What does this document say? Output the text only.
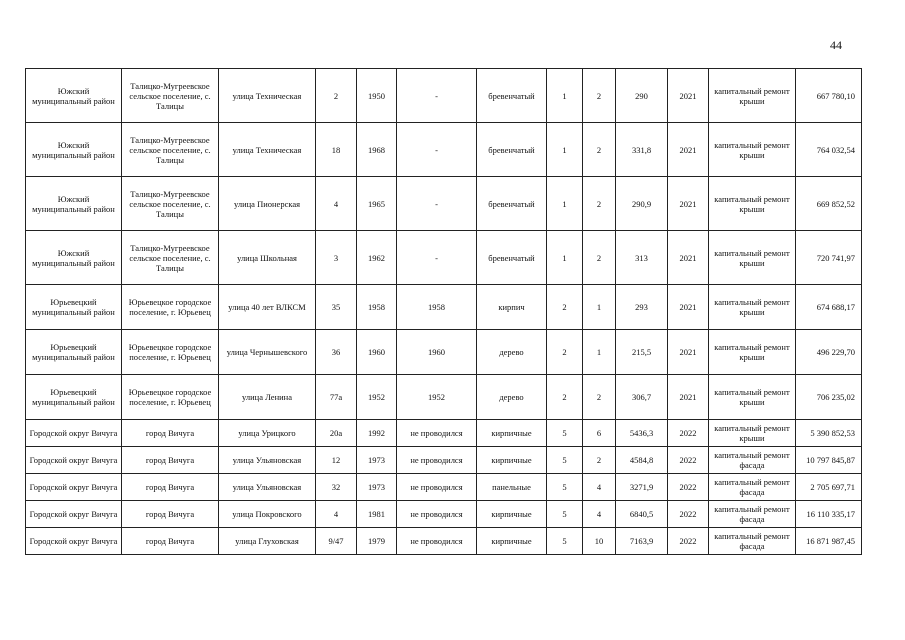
44
Южский муниципальный район	Талицко-Мугреевское сельское поселение, с. Талицы	улица Техническая	2	1950	-	бревенчатый	1	2	290	2021	капитальный ремонт крыши	667 780,10
Южский муниципальный район	Талицко-Мугреевское сельское поселение, с. Талицы	улица Техническая	18	1968	-	бревенчатый	1	2	331,8	2021	капитальный ремонт крыши	764 032,54
Южский муниципальный район	Талицко-Мугреевское сельское поселение, с. Талицы	улица Пионерская	4	1965	-	бревенчатый	1	2	290,9	2021	капитальный ремонт крыши	669 852,52
Южский муниципальный район	Талицко-Мугреевское сельское поселение, с. Талицы	улица Школьная	3	1962	-	бревенчатый	1	2	313	2021	капитальный ремонт крыши	720 741,97
Юрьевецкий муниципальный район	Юрьевецкое городское поселение, г. Юрьевец	улица 40 лет ВЛКСМ	35	1958	1958	кирпич	2	1	293	2021	капитальный ремонт крыши	674 688,17
Юрьевецкий муниципальный район	Юрьевецкое городское поселение, г. Юрьевец	улица Чернышевского	36	1960	1960	дерево	2	1	215,5	2021	капитальный ремонт крыши	496 229,70
Юрьевецкий муниципальный район	Юрьевецкое городское поселение, г. Юрьевец	улица Ленина	77а	1952	1952	дерево	2	2	306,7	2021	капитальный ремонт крыши	706 235,02
Городской округ Вичуга	город Вичуга	улица Урицкого	20а	1992	не проводился	кирпичные	5	6	5436,3	2022	капитальный ремонт крыши	5 390 852,53
Городской округ Вичуга	город Вичуга	улица Ульяновская	12	1973	не проводился	кирпичные	5	2	4584,8	2022	капитальный ремонт фасада	10 797 845,87
Городской округ Вичуга	город Вичуга	улица Ульяновская	32	1973	не проводился	панельные	5	4	3271,9	2022	капитальный ремонт фасада	2 705 697,71
Городской округ Вичуга	город Вичуга	улица Покровского	4	1981	не проводился	кирпичные	5	4	6840,5	2022	капитальный ремонт фасада	16 110 335,17
Городской округ Вичуга	город Вичуга	улица Глуховская	9/47	1979	не проводился	кирпичные	5	10	7163,9	2022	капитальный ремонт фасада	16 871 987,45
